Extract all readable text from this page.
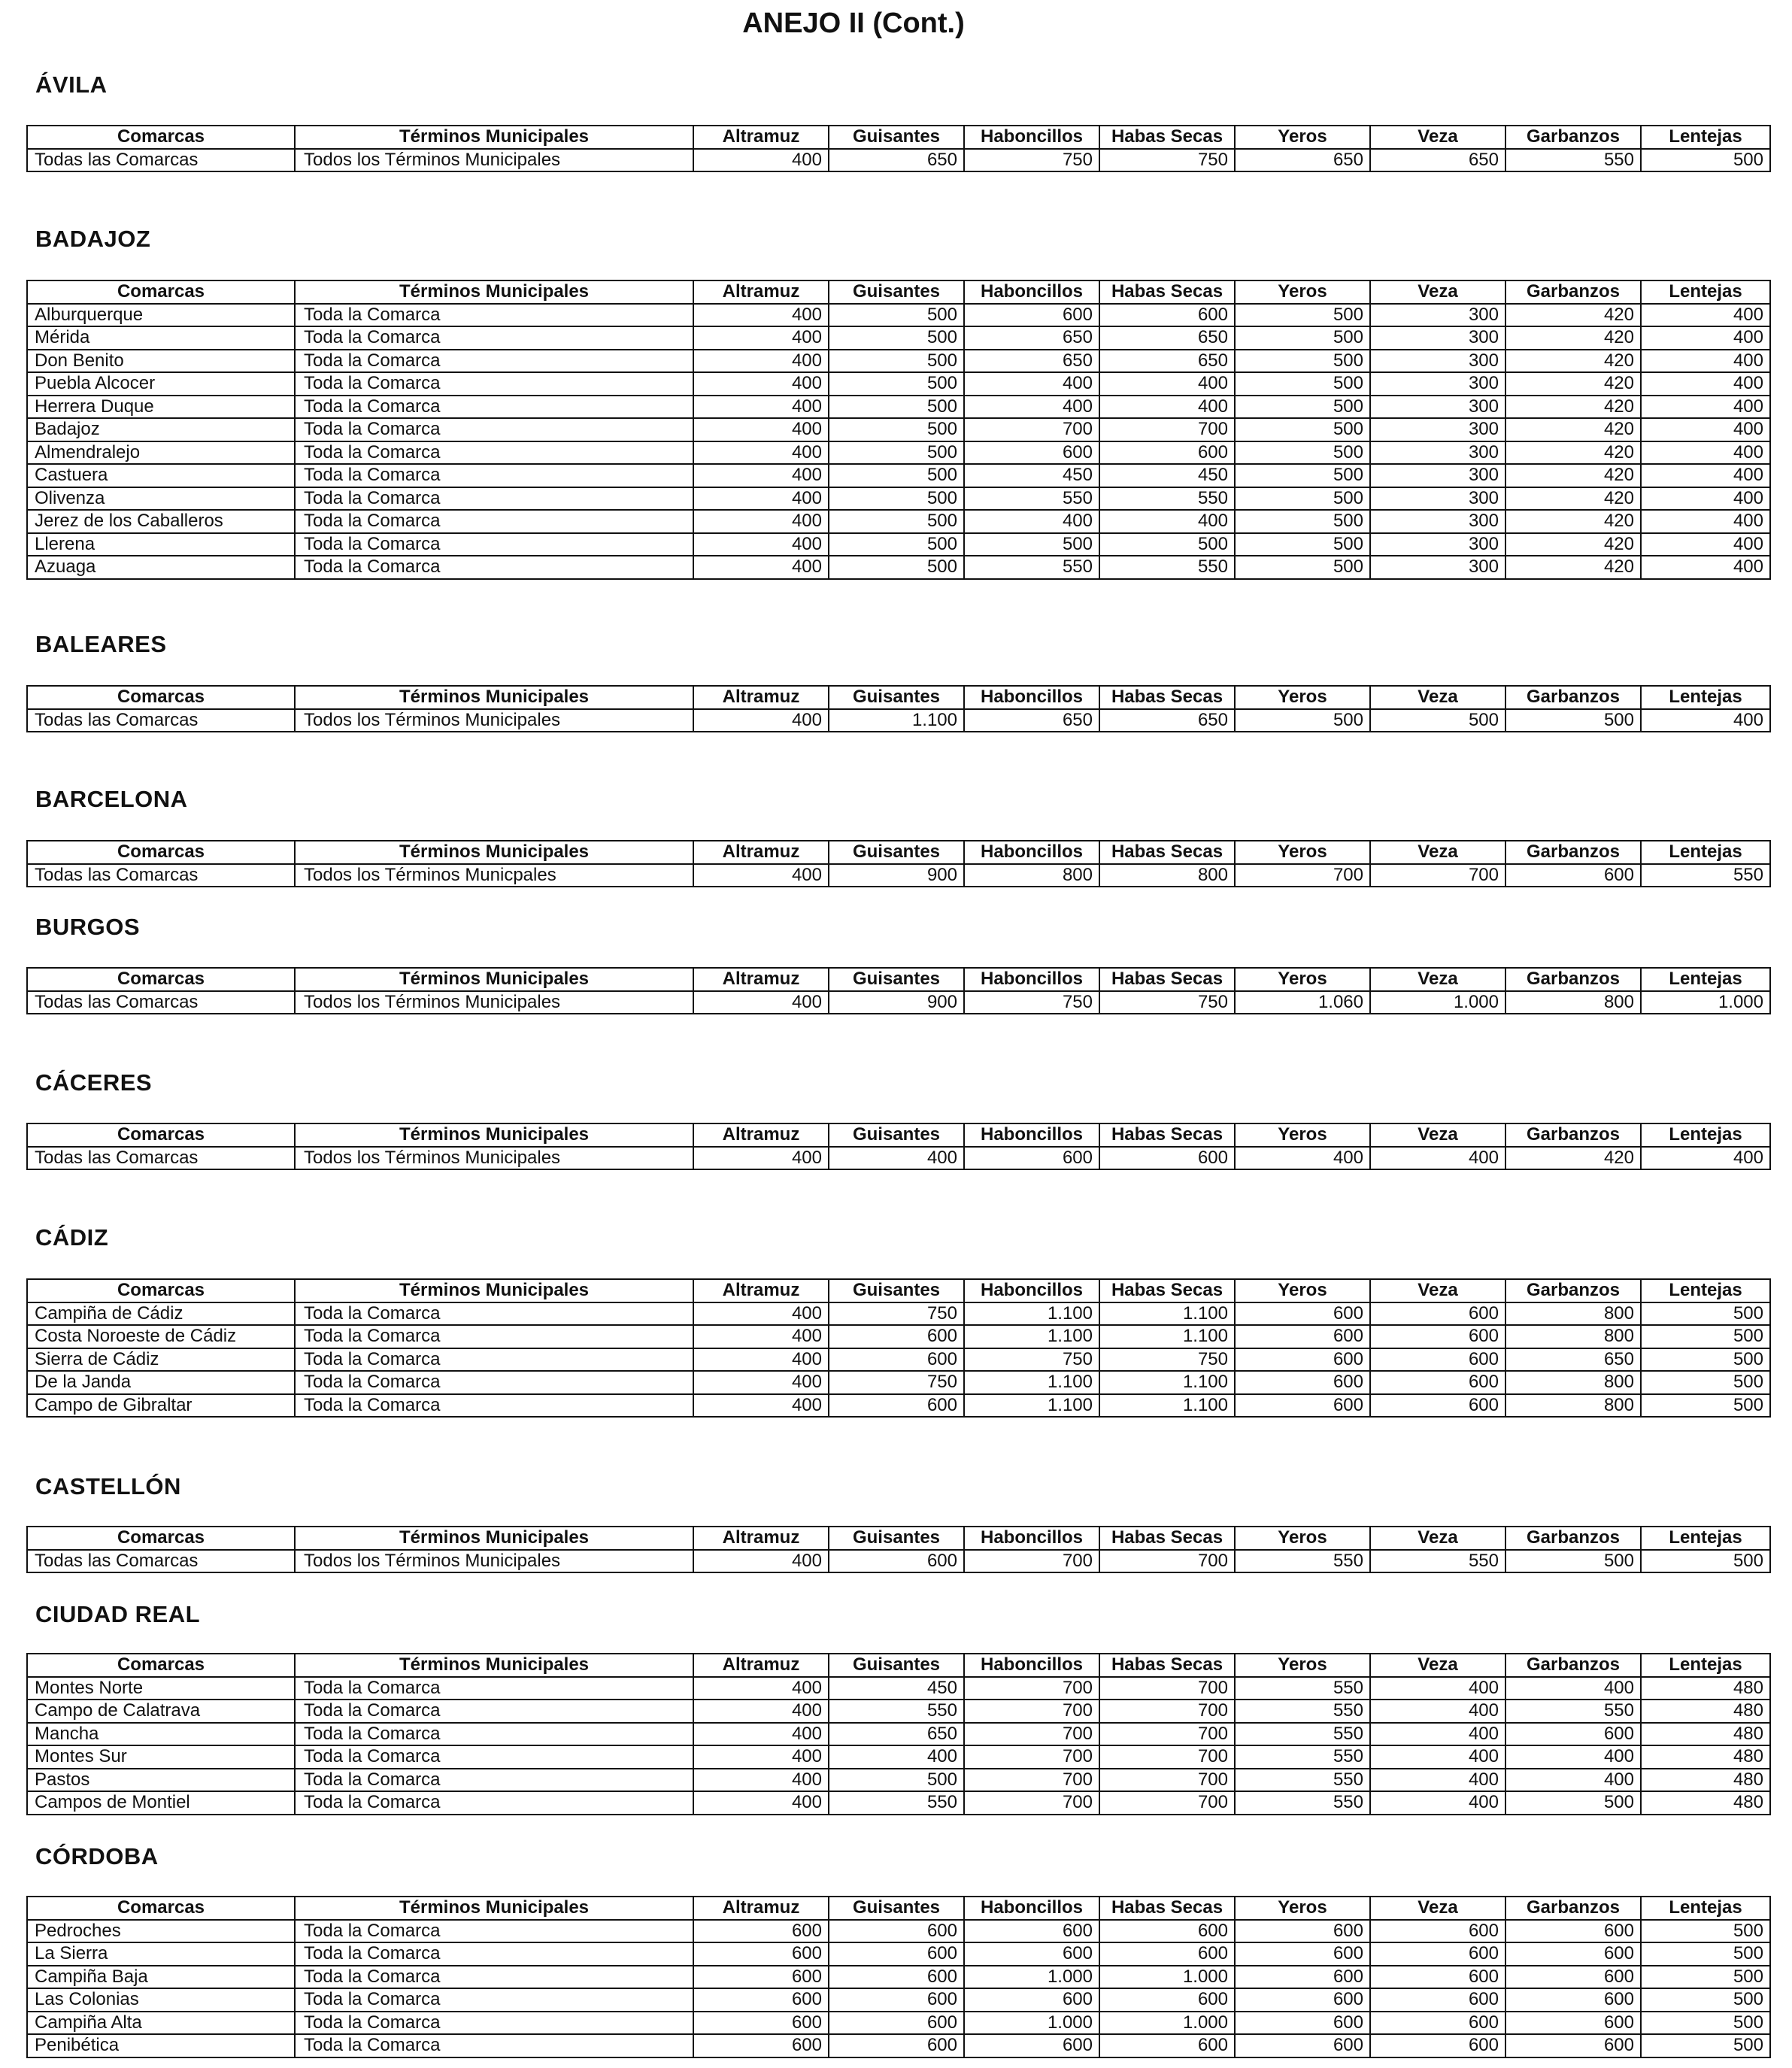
ANEJO II (Cont.)
ÁVILA
Comarcas	Términos Municipales	Altramuz	Guisantes	Haboncillos	Habas Secas	Yeros	Veza	Garbanzos	Lentejas
Todas las Comarcas	Todos los Términos Municipales	400	650	750	750	650	650	550	500
BADAJOZ
Comarcas	Términos Municipales	Altramuz	Guisantes	Haboncillos	Habas Secas	Yeros	Veza	Garbanzos	Lentejas
Alburquerque	Toda la Comarca	400	500	600	600	500	300	420	400
Mérida	Toda la Comarca	400	500	650	650	500	300	420	400
Don Benito	Toda la Comarca	400	500	650	650	500	300	420	400
Puebla Alcocer	Toda la Comarca	400	500	400	400	500	300	420	400
Herrera Duque	Toda la Comarca	400	500	400	400	500	300	420	400
Badajoz	Toda la Comarca	400	500	700	700	500	300	420	400
Almendralejo	Toda la Comarca	400	500	600	600	500	300	420	400
Castuera	Toda la Comarca	400	500	450	450	500	300	420	400
Olivenza	Toda la Comarca	400	500	550	550	500	300	420	400
Jerez de los Caballeros	Toda la Comarca	400	500	400	400	500	300	420	400
Llerena	Toda la Comarca	400	500	500	500	500	300	420	400
Azuaga	Toda la Comarca	400	500	550	550	500	300	420	400
BALEARES
Comarcas	Términos Municipales	Altramuz	Guisantes	Haboncillos	Habas Secas	Yeros	Veza	Garbanzos	Lentejas
Todas las Comarcas	Todos los Términos Municipales	400	1.100	650	650	500	500	500	400
BARCELONA
Comarcas	Términos Municipales	Altramuz	Guisantes	Haboncillos	Habas Secas	Yeros	Veza	Garbanzos	Lentejas
Todas las Comarcas	Todos los Términos Municpales	400	900	800	800	700	700	600	550
BURGOS
Comarcas	Términos Municipales	Altramuz	Guisantes	Haboncillos	Habas Secas	Yeros	Veza	Garbanzos	Lentejas
Todas las Comarcas	Todos los Términos Municipales	400	900	750	750	1.060	1.000	800	1.000
CÁCERES
Comarcas	Términos Municipales	Altramuz	Guisantes	Haboncillos	Habas Secas	Yeros	Veza	Garbanzos	Lentejas
Todas las Comarcas	Todos los Términos Municipales	400	400	600	600	400	400	420	400
CÁDIZ
Comarcas	Términos Municipales	Altramuz	Guisantes	Haboncillos	Habas Secas	Yeros	Veza	Garbanzos	Lentejas
Campiña de Cádiz	Toda la Comarca	400	750	1.100	1.100	600	600	800	500
Costa Noroeste de Cádiz	Toda la Comarca	400	600	1.100	1.100	600	600	800	500
Sierra de Cádiz	Toda la Comarca	400	600	750	750	600	600	650	500
De la Janda	Toda la Comarca	400	750	1.100	1.100	600	600	800	500
Campo de Gibraltar	Toda la Comarca	400	600	1.100	1.100	600	600	800	500
CASTELLÓN
Comarcas	Términos Municipales	Altramuz	Guisantes	Haboncillos	Habas Secas	Yeros	Veza	Garbanzos	Lentejas
Todas las Comarcas	Todos los Términos Municipales	400	600	700	700	550	550	500	500
CIUDAD REAL
Comarcas	Términos Municipales	Altramuz	Guisantes	Haboncillos	Habas Secas	Yeros	Veza	Garbanzos	Lentejas
Montes Norte	Toda la Comarca	400	450	700	700	550	400	400	480
Campo de Calatrava	Toda la Comarca	400	550	700	700	550	400	550	480
Mancha	Toda la Comarca	400	650	700	700	550	400	600	480
Montes Sur	Toda la Comarca	400	400	700	700	550	400	400	480
Pastos	Toda la Comarca	400	500	700	700	550	400	400	480
Campos de Montiel	Toda la Comarca	400	550	700	700	550	400	500	480
CÓRDOBA
Comarcas	Términos Municipales	Altramuz	Guisantes	Haboncillos	Habas Secas	Yeros	Veza	Garbanzos	Lentejas
Pedroches	Toda la Comarca	600	600	600	600	600	600	600	500
La Sierra	Toda la Comarca	600	600	600	600	600	600	600	500
Campiña Baja	Toda la Comarca	600	600	1.000	1.000	600	600	600	500
Las Colonias	Toda la Comarca	600	600	600	600	600	600	600	500
Campiña Alta	Toda la Comarca	600	600	1.000	1.000	600	600	600	500
Penibética	Toda la Comarca	600	600	600	600	600	600	600	500
